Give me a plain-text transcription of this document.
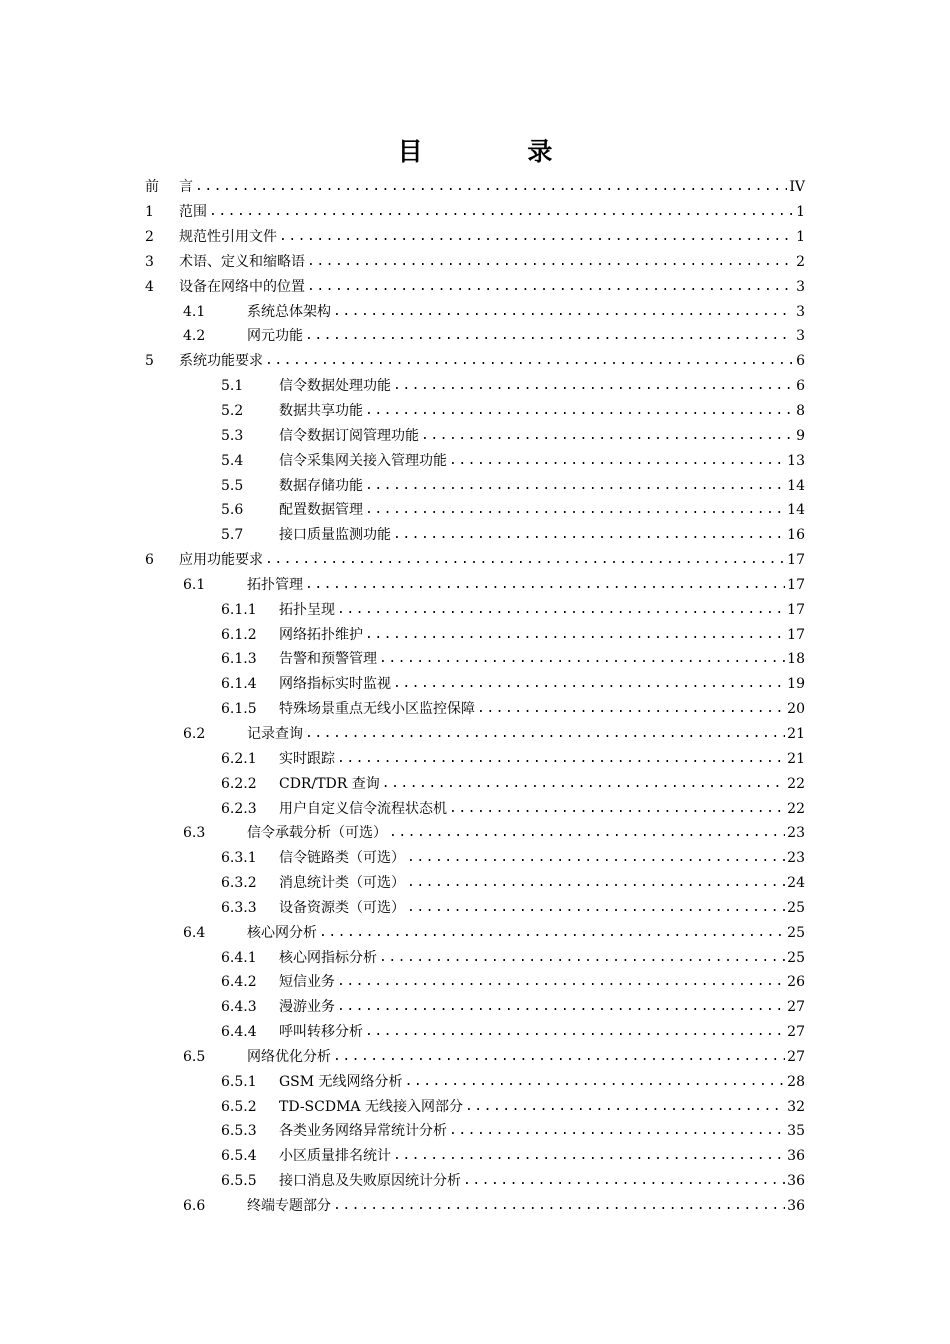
目 录
前	言 .....	IV
1	范围 .....	1
2	规范性引用文件 .....	1
3	术语、定义和缩略语 .....	2
4	设备在网络中的位置 .....	3
4.1	系统总体架构 .....	3
4.2	网元功能 .....	3
5	系统功能要求 .....	6
5.1	信令数据处理功能 .....	6
5.2	数据共享功能 .....	8
5.3	信令数据订阅管理功能 .....	9
5.4	信令采集网关接入管理功能 .....	13
5.5	数据存储功能 .....	14
5.6	配置数据管理 .....	14
5.7	接口质量监测功能 .....	16
6	应用功能要求 .....	17
6.1	拓扑管理 .....	17
6.1.1	拓扑呈现 .....	17
6.1.2	网络拓扑维护 .....	17
6.1.3	告警和预警管理 .....	18
6.1.4	网络指标实时监视 .....	19
6.1.5	特殊场景重点无线小区监控保障 .....	20
6.2	记录查询 .....	21
6.2.1	实时跟踪 .....	21
6.2.2	CDR/TDR 查询 .....	22
6.2.3	用户自定义信令流程状态机 .....	22
6.3	信令承载分析（可选） .....	23
6.3.1	信令链路类（可选） .....	23
6.3.2	消息统计类（可选） .....	24
6.3.3	设备资源类（可选） .....	25
6.4	核心网分析 .....	25
6.4.1	核心网指标分析 .....	25
6.4.2	短信业务 .....	26
6.4.3	漫游业务 .....	27
6.4.4	呼叫转移分析 .....	27
6.5	网络优化分析 .....	27
6.5.1	GSM 无线网络分析 .....	28
6.5.2	TD-SCDMA 无线接入网部分 .....	32
6.5.3	各类业务网络异常统计分析 .....	35
6.5.4	小区质量排名统计 .....	36
6.5.5	接口消息及失败原因统计分析 .....	36
6.6	终端专题部分 .....	36
